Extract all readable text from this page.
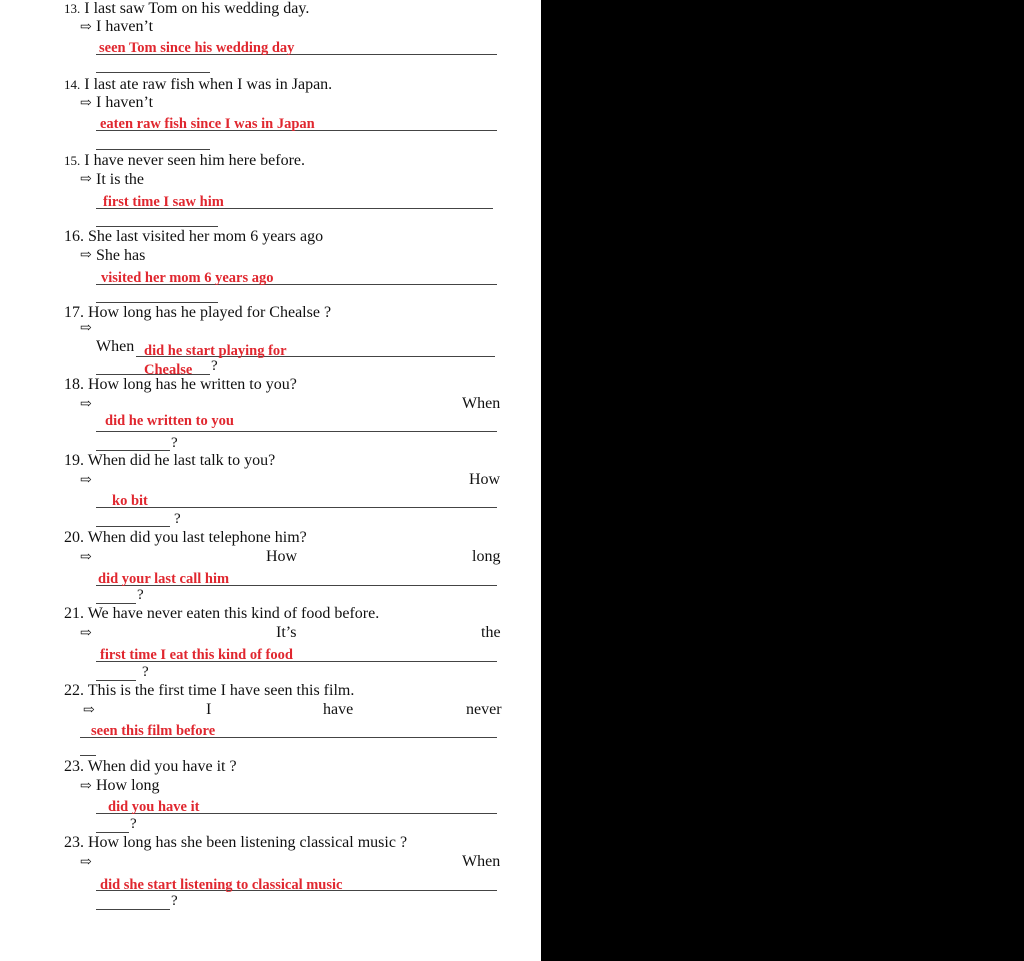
13. I last saw Tom on his wedding day.
⇨ I haven’t
seen Tom since his wedding day
14. I last ate raw fish when I was in Japan.
⇨ I haven’t
eaten raw fish since I was in Japan
15. I have never seen him here before.
⇨ It is the
first time I saw him
16. She last visited her mom 6 years ago
⇨ She has
visited her mom 6 years ago
17. How long has he played for Chealse ?
⇨
When did he start playing for
Chealse ?
18. How long has he written to you?
⇨	When
did he written to you
?
19. When did he last talk to you?
⇨	How
ko bit
?
20. When did you last telephone him?
⇨	How	long
did your last call him
?
21. We have never eaten this kind of food before.
⇨	It’s	the
first time I eat this kind of food
?
22. This is the first time I have seen this film.
⇨	I	have	never
seen this film before
23. When did you have it ?
⇨ How long
did you have it
?
23. How long has she been listening classical music ?
⇨	When
did she start listening to classical music
?
